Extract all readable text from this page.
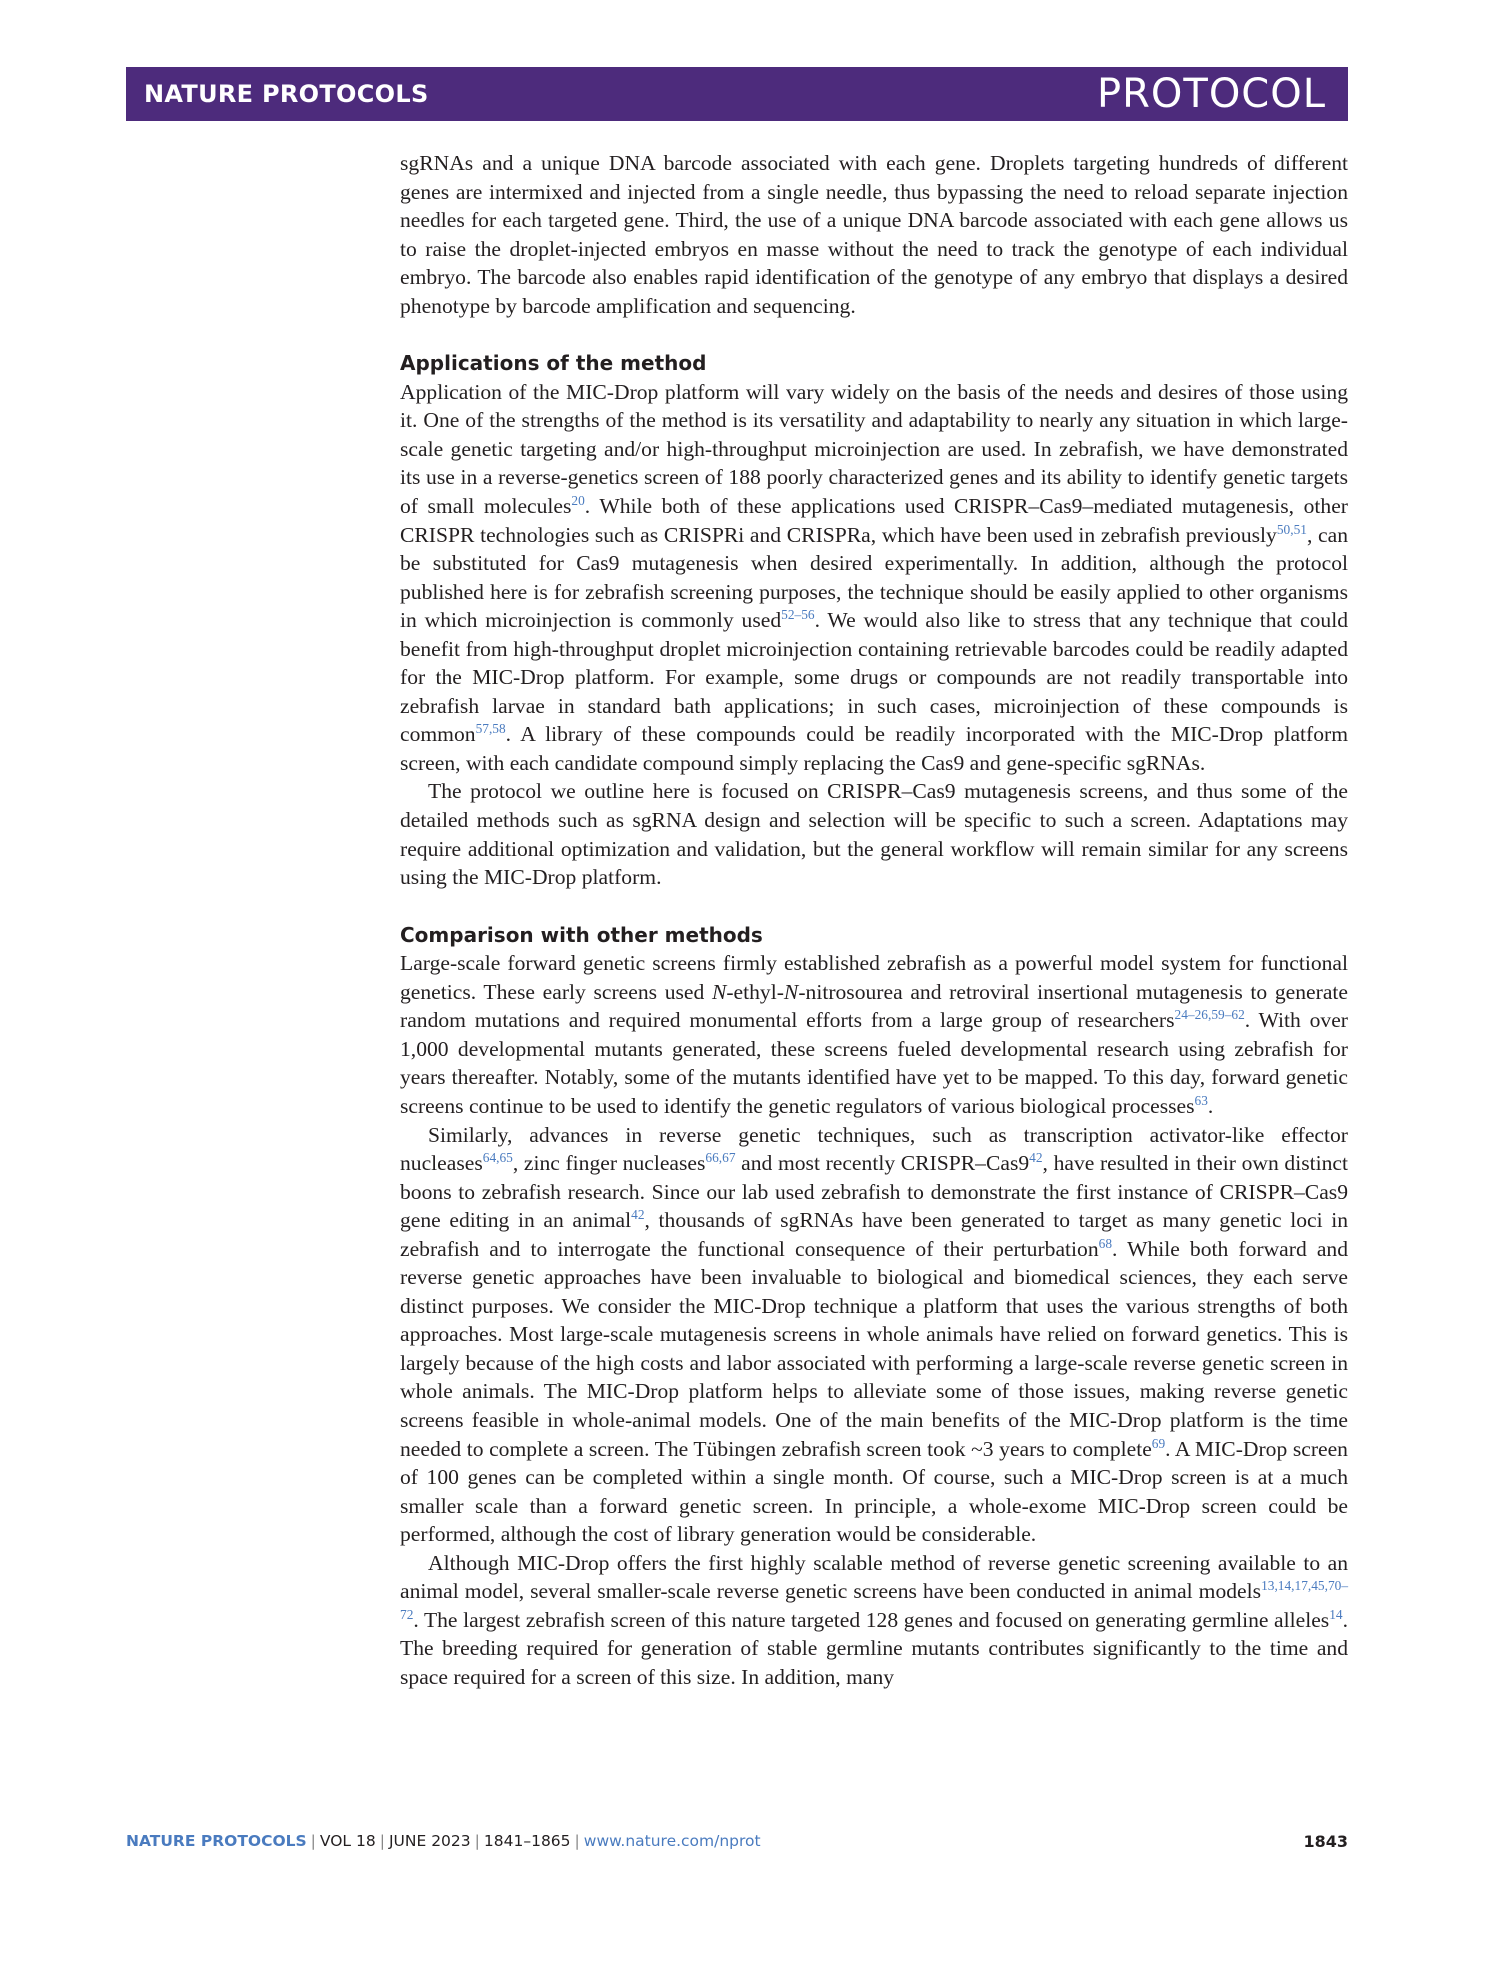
NATURE PROTOCOLS	PROTOCOL

sgRNAs and a unique DNA barcode associated with each gene. Droplets targeting hundreds of different genes are intermixed and injected from a single needle, thus bypassing the need to reload separate injection needles for each targeted gene. Third, the use of a unique DNA barcode associated with each gene allows us to raise the droplet-injected embryos en masse without the need to track the genotype of each individual embryo. The barcode also enables rapid identification of the genotype of any embryo that displays a desired phenotype by barcode amplification and sequencing.

Applications of the method

Application of the MIC-Drop platform will vary widely on the basis of the needs and desires of those using it. One of the strengths of the method is its versatility and adaptability to nearly any situation in which large-scale genetic targeting and/or high-throughput microinjection are used. In zebrafish, we have demonstrated its use in a reverse-genetics screen of 188 poorly characterized genes and its ability to identify genetic targets of small molecules$^{20}$. While both of these applications used CRISPR–Cas9–mediated mutagenesis, other CRISPR technologies such as CRISPRi and CRISPRa, which have been used in zebrafish previously$^{50,51}$, can be substituted for Cas9 mutagenesis when desired experimentally. In addition, although the protocol published here is for zebrafish screening purposes, the technique should be easily applied to other organisms in which microinjection is commonly used$^{52-56}$. We would also like to stress that any technique that could benefit from high-throughput droplet microinjection containing retrievable barcodes could be readily adapted for the MIC-Drop platform. For example, some drugs or compounds are not readily transportable into zebrafish larvae in standard bath applications; in such cases, microinjection of these compounds is common$^{57,58}$. A library of these compounds could be readily incorporated with the MIC-Drop platform screen, with each candidate compound simply replacing the Cas9 and gene-specific sgRNAs.

The protocol we outline here is focused on CRISPR–Cas9 mutagenesis screens, and thus some of the detailed methods such as sgRNA design and selection will be specific to such a screen. Adaptations may require additional optimization and validation, but the general workflow will remain similar for any screens using the MIC-Drop platform.

Comparison with other methods

Large-scale forward genetic screens firmly established zebrafish as a powerful model system for functional genetics. These early screens used N-ethyl-N-nitrosourea and retroviral insertional mutagenesis to generate random mutations and required monumental efforts from a large group of researchers$^{24-26,59-62}$. With over 1,000 developmental mutants generated, these screens fueled developmental research using zebrafish for years thereafter. Notably, some of the mutants identified have yet to be mapped. To this day, forward genetic screens continue to be used to identify the genetic regulators of various biological processes$^{63}$.

Similarly, advances in reverse genetic techniques, such as transcription activator-like effector nucleases$^{64,65}$, zinc finger nucleases$^{66,67}$ and most recently CRISPR–Cas9$^{42}$, have resulted in their own distinct boons to zebrafish research. Since our lab used zebrafish to demonstrate the first instance of CRISPR–Cas9 gene editing in an animal$^{42}$, thousands of sgRNAs have been generated to target as many genetic loci in zebrafish and to interrogate the functional consequence of their perturbation$^{68}$. While both forward and reverse genetic approaches have been invaluable to biological and biomedical sciences, they each serve distinct purposes. We consider the MIC-Drop technique a platform that uses the various strengths of both approaches. Most large-scale mutagenesis screens in whole animals have relied on forward genetics. This is largely because of the high costs and labor associated with performing a large-scale reverse genetic screen in whole animals. The MIC-Drop platform helps to alleviate some of those issues, making reverse genetic screens feasible in whole-animal models. One of the main benefits of the MIC-Drop platform is the time needed to complete a screen. The Tübingen zebrafish screen took ~3 years to complete$^{69}$. A MIC-Drop screen of 100 genes can be completed within a single month. Of course, such a MIC-Drop screen is at a much smaller scale than a forward genetic screen. In principle, a whole-exome MIC-Drop screen could be performed, although the cost of library generation would be considerable.

Although MIC-Drop offers the first highly scalable method of reverse genetic screening available to an animal model, several smaller-scale reverse genetic screens have been conducted in animal models$^{13,14,17,45,70-72}$. The largest zebrafish screen of this nature targeted 128 genes and focused on generating germline alleles$^{14}$. The breeding required for generation of stable germline mutants contributes significantly to the time and space required for a screen of this size. In addition, many

NATURE PROTOCOLS | VOL 18 | JUNE 2023 | 1841–1865 | www.nature.com/nprot	1843
